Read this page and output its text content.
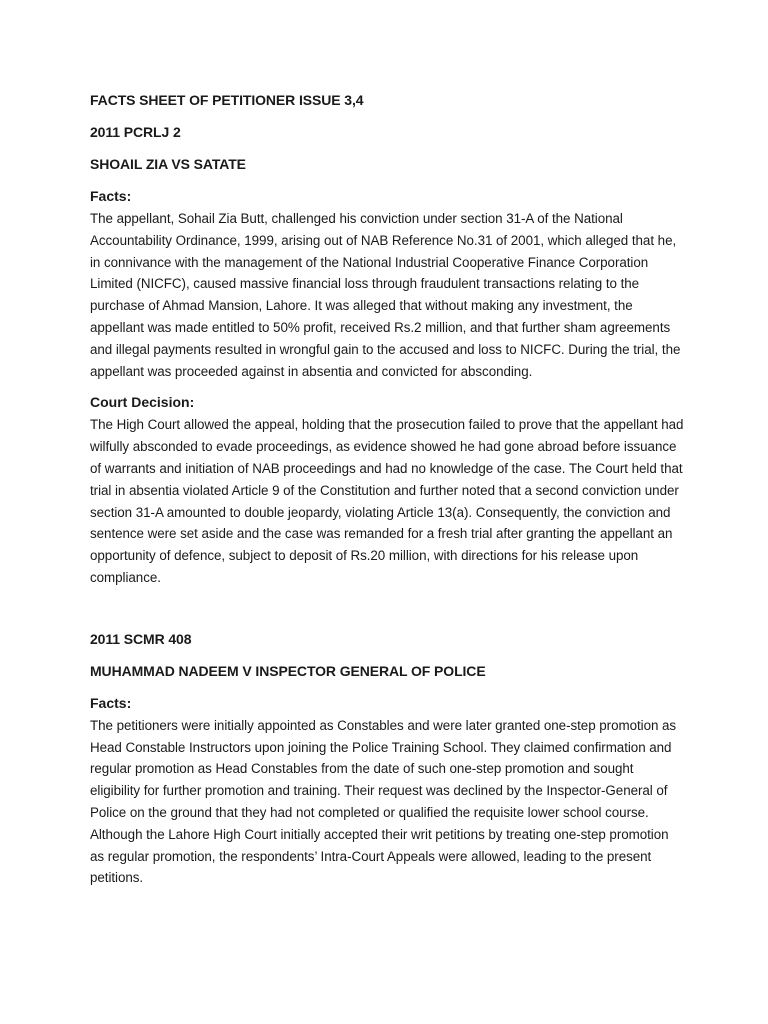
FACTS SHEET OF PETITIONER ISSUE 3,4
2011 PCRLJ 2
SHOAIL ZIA VS SATATE
Facts:
The appellant, Sohail Zia Butt, challenged his conviction under section 31-A of the National Accountability Ordinance, 1999, arising out of NAB Reference No.31 of 2001, which alleged that he, in connivance with the management of the National Industrial Cooperative Finance Corporation Limited (NICFC), caused massive financial loss through fraudulent transactions relating to the purchase of Ahmad Mansion, Lahore. It was alleged that without making any investment, the appellant was made entitled to 50% profit, received Rs.2 million, and that further sham agreements and illegal payments resulted in wrongful gain to the accused and loss to NICFC. During the trial, the appellant was proceeded against in absentia and convicted for absconding.
Court Decision:
The High Court allowed the appeal, holding that the prosecution failed to prove that the appellant had wilfully absconded to evade proceedings, as evidence showed he had gone abroad before issuance of warrants and initiation of NAB proceedings and had no knowledge of the case. The Court held that trial in absentia violated Article 9 of the Constitution and further noted that a second conviction under section 31-A amounted to double jeopardy, violating Article 13(a). Consequently, the conviction and sentence were set aside and the case was remanded for a fresh trial after granting the appellant an opportunity of defence, subject to deposit of Rs.20 million, with directions for his release upon compliance.
2011 SCMR 408
MUHAMMAD NADEEM V INSPECTOR GENERAL OF POLICE
Facts:
The petitioners were initially appointed as Constables and were later granted one-step promotion as Head Constable Instructors upon joining the Police Training School. They claimed confirmation and regular promotion as Head Constables from the date of such one-step promotion and sought eligibility for further promotion and training. Their request was declined by the Inspector-General of Police on the ground that they had not completed or qualified the requisite lower school course. Although the Lahore High Court initially accepted their writ petitions by treating one-step promotion as regular promotion, the respondents’ Intra-Court Appeals were allowed, leading to the present petitions.
